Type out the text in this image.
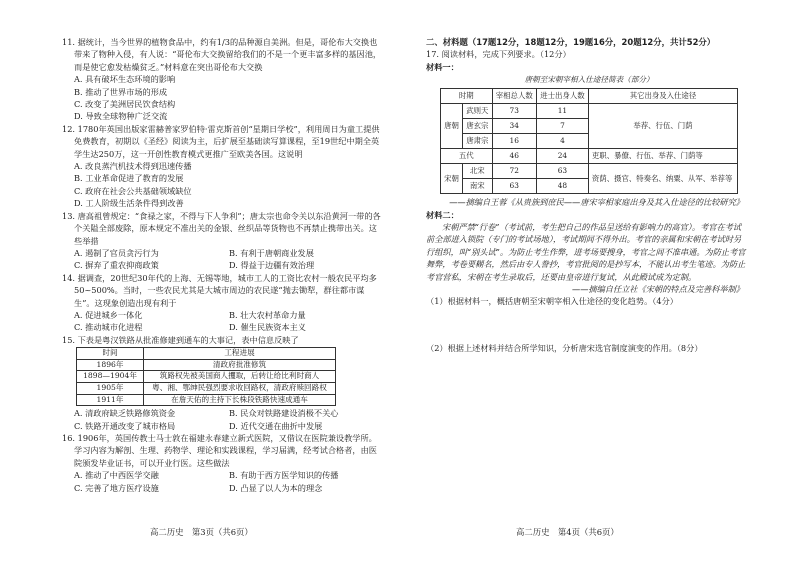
11. 据统计，当今世界的植物食品中，约有1/3的品种源自美洲。但是，哥伦布大交换也带来了物种入侵，有人说：“哥伦布大交换留给我们的不是一个更丰富多样的基因池，而是使它愈发枯燥贫乏。”材料意在突出哥伦布大交换
A. 具有破坏生态环境的影响
B. 推动了世界市场的形成
C. 改变了美洲居民饮食结构
D. 导致全球物种广泛交流
12. 1780年英国出版家雷赫普家罗伯特·雷克斯首创“星期日学校”，利用周日为童工提供免费教育，初期以《圣经》阅读为主，后扩展至基础读写算课程，至19世纪中期全英学生达250万，这一开创性教育模式更推广至欧美各国。这说明
A. 改良蒸汽机技术得到迅速传播
B. 工业革命促进了教育的发展
C. 政府在社会公共基础领域缺位
D. 工人阶级生活条件得到改善
13. 唐高祖曾规定：“食禄之家，不得与下人争利”；唐太宗也命令关以东沿黄河一带的各个关隘全部废除，原本规定不准出关的金银、丝织品等货物也不再禁止携带出关。这些举措
A. 遏制了官员贪污行为	B. 有利于唐朝商业发展
C. 摒弃了重农抑商政策	D. 得益于边疆有效治理
14. 据调查，20世纪30年代的上海、无锡等地，城市工人的工资比农村一般农民平均多50~500%。当时，一些农民尤其是大城市周边的农民遂“抛去锄犁，群往都市谋生”。这现象创造出现有利于
A. 促进城乡一体化	B. 壮大农村革命力量
C. 推动城市化进程	D. 催生民族资本主义
15. 下表是粤汉铁路从批准修建到通车的大事记，表中信息反映了
时间	工程进展
1896年	清政府批准修筑
1898—1904年	筑路权先被美国商人攫取，后转让给比利时商人
1905年	粤、湘、鄂绅民强烈要求收回路权，清政府赎回路权
1911年	在詹天佑的主持下长株段铁路快速成通车
A. 清政府缺乏铁路修筑资金	B. 民众对铁路建设消极不关心
C. 铁路开通改变了城市格局	D. 近代交通在曲折中发展
16. 1906年，英国传教士马士敦在福建永春建立新式医院，又借议在医院兼设教学所。学习内容为解剖、生理、药物学、理论和实践课程，学习届满，经考试合格者，由医院颁发毕业证书，可以开业行医。这些做法
A. 推动了中西医学交融	B. 有助于西方医学知识的传播
C. 完善了地方医疗设施	D. 凸显了以人为本的理念
二、材料题（17题12分，18题12分，19题16分，20题12分，共计52分）
17. 阅读材料，完成下列要求。（12分）
材料一：
唐朝至宋朝宰相入仕途径简表（部分）
时期		宰相总人数	进士出身人数	其它出身及入仕途径
唐朝	武则天	73	11	举荐、行伍、门荫
	唐玄宗	34	7	
	唐肃宗	16	4	
五代		46	24	吏职、暴僚、行伍、举荐、门荫等
宋朝	北宋	72	63	资荫、摄官、特奏名、纳粟、从军、举荐等
	南宋	63	48	
——摘编自王蓉《从贵族到庶民——唐宋宰相家庭出身及其入仕途径的比较研究》
材料二：
宋朝严禁“行卷”（考试前，考生把自己的作品呈送给有影响力的高官）。考官在考试前全部进入锁院（专门的考试场地），考试期间不得外出。考官的亲属和宋朝在考试时另行组织，叫“别头试”。为防止考生作弊，进考场要搜身，考官之间不准串通。为防止考官舞弊，考卷要糊名，然后由专人誊抄，考官批阅的是抄写本，不能认出考生笔迹。为防止考官营私，宋朝在考生录取后，还要由皇帝进行复试，从此殿试成为定制。
——摘编自任立社《宋朝的特点及完善科举制》
（1）根据材料一，概括唐朝至宋朝宰相入仕途径的变化趋势。（4分）
（2）根据上述材料并结合所学知识，分析唐宋选官制度演变的作用。（8分）
高二历史　第3页（共6页）	高二历史　第4页（共6页）
